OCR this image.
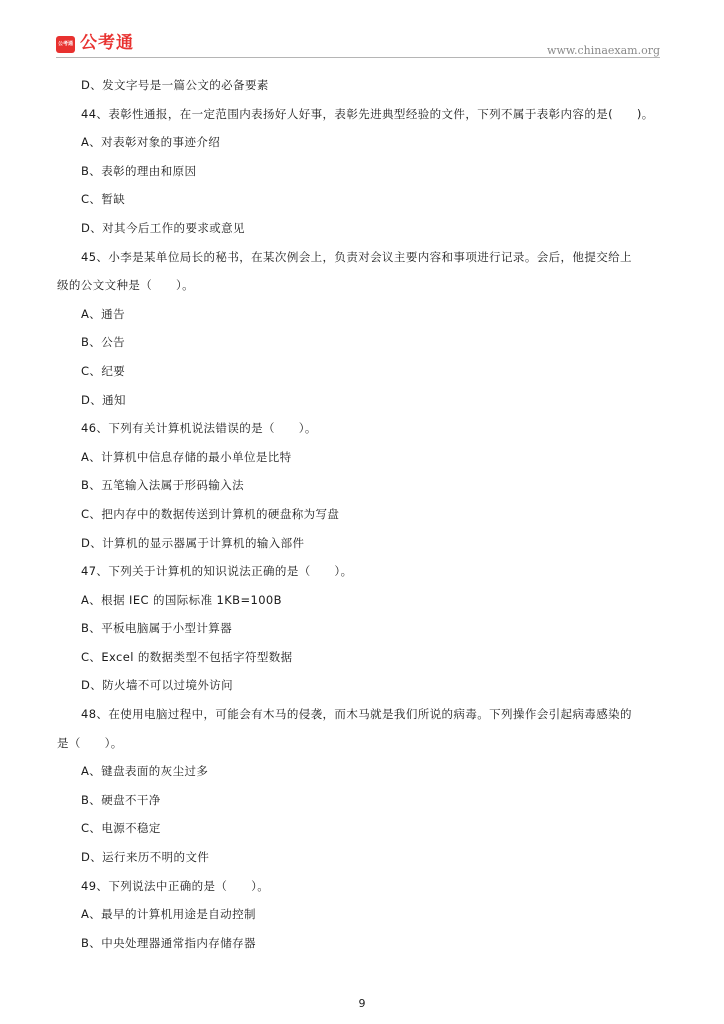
公考通 公考通	www.chinaexam.org
D、发文字号是一篇公文的必备要素
44、表彰性通报，在一定范围内表扬好人好事，表彰先进典型经验的文件，下列不属于表彰内容的是(　　)。
A、对表彰对象的事迹介绍
B、表彰的理由和原因
C、暂缺
D、对其今后工作的要求或意见
45、小李是某单位局长的秘书，在某次例会上，负责对会议主要内容和事项进行记录。会后，他提交给上
级的公文文种是（　　）。
A、通告
B、公告
C、纪要
D、通知
46、下列有关计算机说法错误的是（　　）。
A、计算机中信息存储的最小单位是比特
B、五笔输入法属于形码输入法
C、把内存中的数据传送到计算机的硬盘称为写盘
D、计算机的显示器属于计算机的输入部件
47、下列关于计算机的知识说法正确的是（　　）。
A、根据 IEC 的国际标准 1KB=100B
B、平板电脑属于小型计算器
C、Excel 的数据类型不包括字符型数据
D、防火墙不可以过境外访问
48、在使用电脑过程中，可能会有木马的侵袭，而木马就是我们所说的病毒。下列操作会引起病毒感染的
是（　　）。
A、键盘表面的灰尘过多
B、硬盘不干净
C、电源不稳定
D、运行来历不明的文件
49、下列说法中正确的是（　　）。
A、最早的计算机用途是自动控制
B、中央处理器通常指内存储存器
9
